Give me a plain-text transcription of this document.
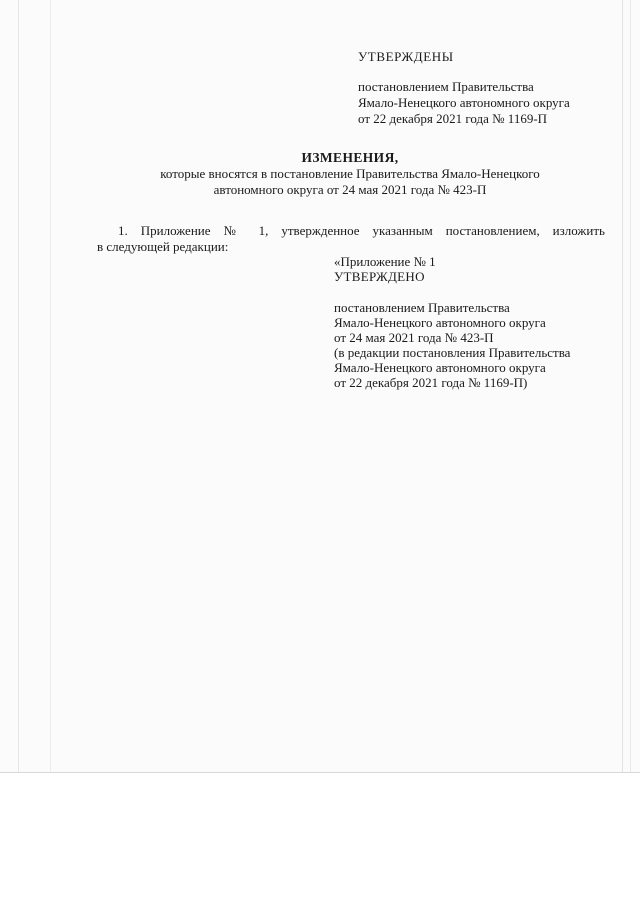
УТВЕРЖДЕНЫ
постановлением Правительства
Ямало-Ненецкого автономного округа
от 22 декабря 2021 года № 1169-П
ИЗМЕНЕНИЯ,
которые вносятся в постановление Правительства Ямало-Ненецкого
автономного округа от 24 мая 2021 года № 423-П
1. Приложение № 1, утвержденное указанным постановлением, изложить
в следующей редакции:
«Приложение № 1
УТВЕРЖДЕНО
постановлением Правительства
Ямало-Ненецкого автономного округа
от 24 мая 2021 года № 423-П
(в редакции постановления Правительства
Ямало-Ненецкого автономного округа
от 22 декабря 2021 года № 1169-П)
